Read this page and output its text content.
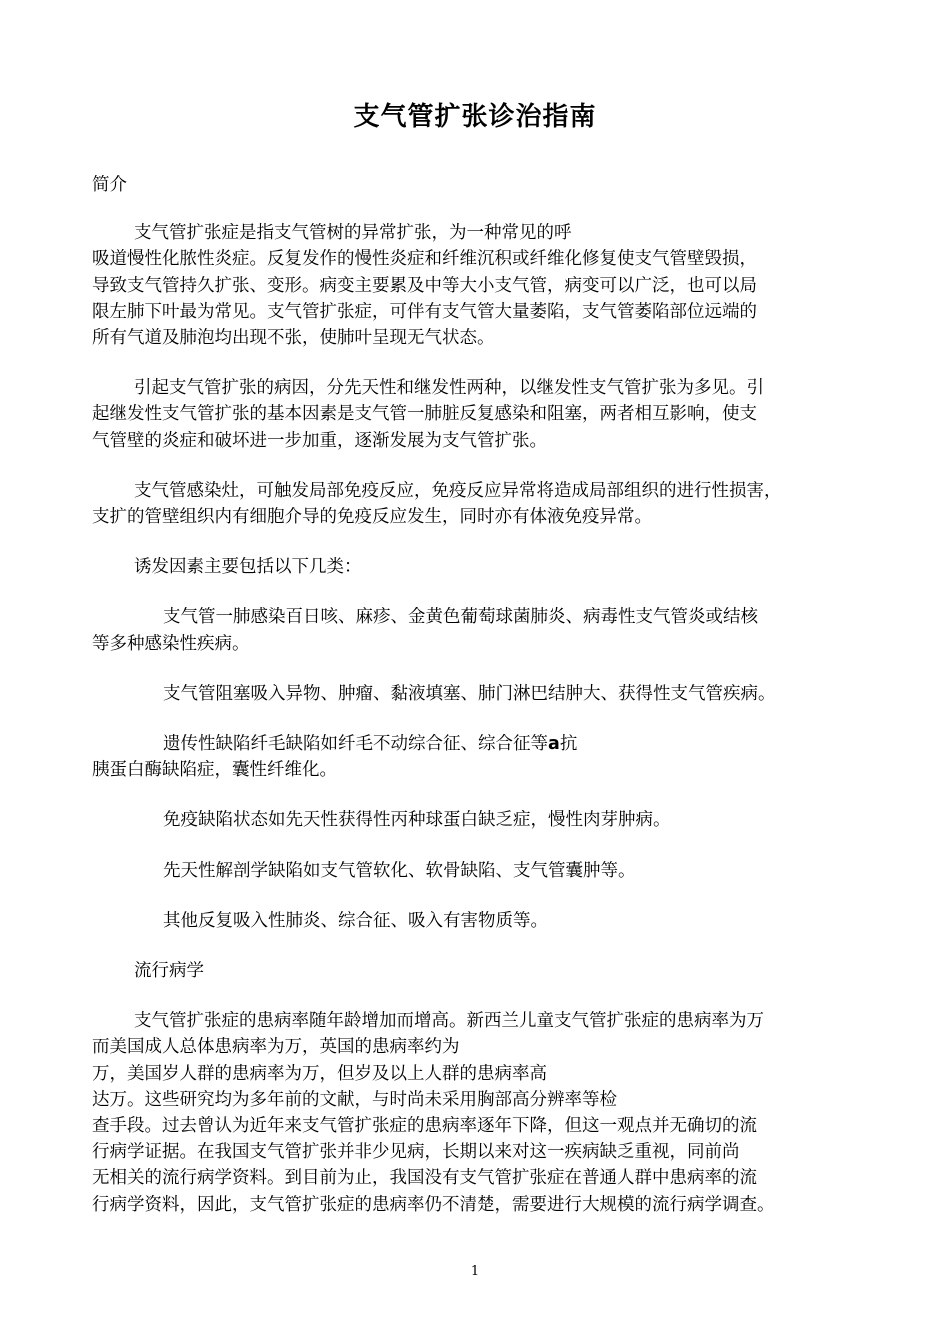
支气管扩张诊治指南

简介

支气管扩张症是指支气管树的异常扩张，为一种常见的呼
吸道慢性化脓性炎症。反复发作的慢性炎症和纤维沉积或纤维化修复使支气管壁毁损，
导致支气管持久扩张、变形。病变主要累及中等大小支气管，病变可以广泛，也可以局
限左肺下叶最为常见。支气管扩张症，可伴有支气管大量萎陷，支气管萎陷部位远端的
所有气道及肺泡均出现不张，使肺叶呈现无气状态。

引起支气管扩张的病因，分先天性和继发性两种，以继发性支气管扩张为多见。引
起继发性支气管扩张的基本因素是支气管一肺脏反复感染和阻塞，两者相互影响，使支
气管壁的炎症和破坏进一步加重，逐渐发展为支气管扩张。

支气管感染灶，可触发局部免疫反应，免疫反应异常将造成局部组织的进行性损害，
支扩的管壁组织内有细胞介导的免疫反应发生，同时亦有体液免疫异常。

诱发因素主要包括以下几类：

支气管一肺感染百日咳、麻疹、金黄色葡萄球菌肺炎、病毒性支气管炎或结核
等多种感染性疾病。

支气管阻塞吸入异物、肿瘤、黏液填塞、肺门淋巴结肿大、获得性支气管疾病。

遗传性缺陷纤毛缺陷如纤毛不动综合征、综合征等a抗
胰蛋白酶缺陷症，囊性纤维化。

免疫缺陷状态如先天性获得性丙种球蛋白缺乏症，慢性肉芽肿病。

先天性解剖学缺陷如支气管软化、软骨缺陷、支气管囊肿等。

其他反复吸入性肺炎、综合征、吸入有害物质等。

流行病学

支气管扩张症的患病率随年龄增加而增高。新西兰儿童支气管扩张症的患病率为万
而美国成人总体患病率为万，英国的患病率约为
万，美国岁人群的患病率为万，但岁及以上人群的患病率高
达万。这些研究均为多年前的文献，与时尚未采用胸部高分辨率等检
查手段。过去曾认为近年来支气管扩张症的患病率逐年下降，但这一观点并无确切的流
行病学证据。在我国支气管扩张并非少见病，长期以来对这一疾病缺乏重视，同前尚
无相关的流行病学资料。到目前为止，我国没有支气管扩张症在普通人群中患病率的流
行病学资料，因此，支气管扩张症的患病率仍不清楚，需要进行大规模的流行病学调查。

1
